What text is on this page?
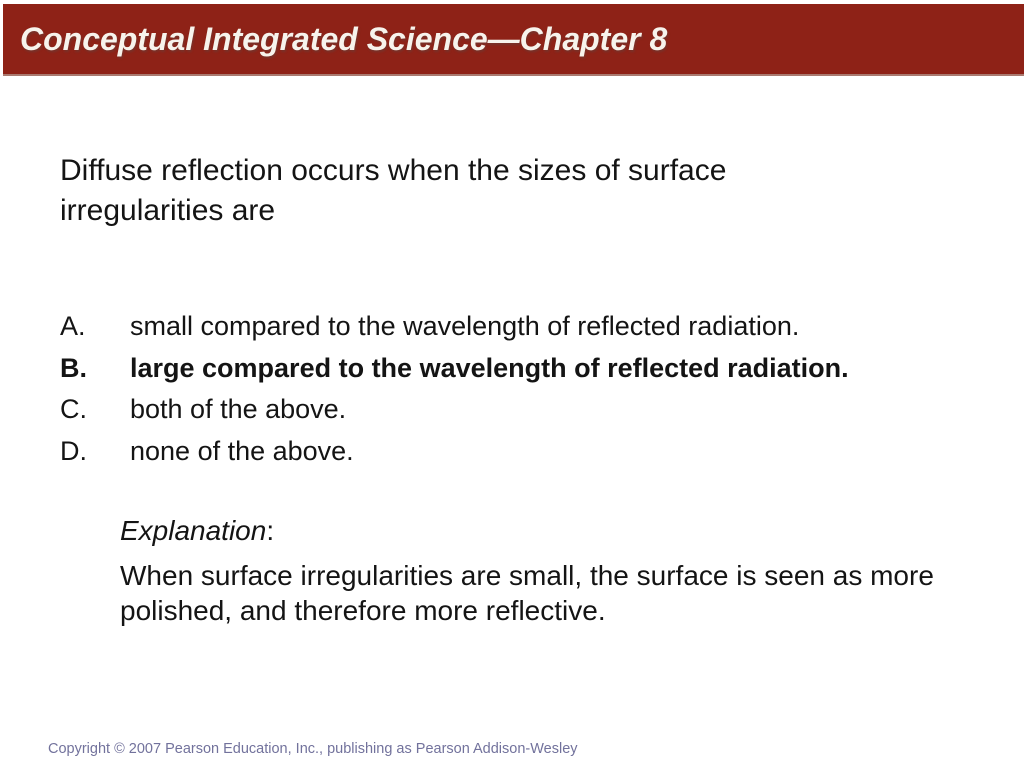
Conceptual Integrated Science—Chapter 8
Diffuse reflection occurs when the sizes of surface
irregularities are
A.	small compared to the wavelength of reflected radiation.
B.	large compared to the wavelength of reflected radiation.
C.	both of the above.
D.	none of the above.
Explanation:
When surface irregularities are small, the surface is seen as more
polished, and therefore more reflective.
Copyright © 2007 Pearson Education, Inc., publishing as Pearson Addison-Wesley
